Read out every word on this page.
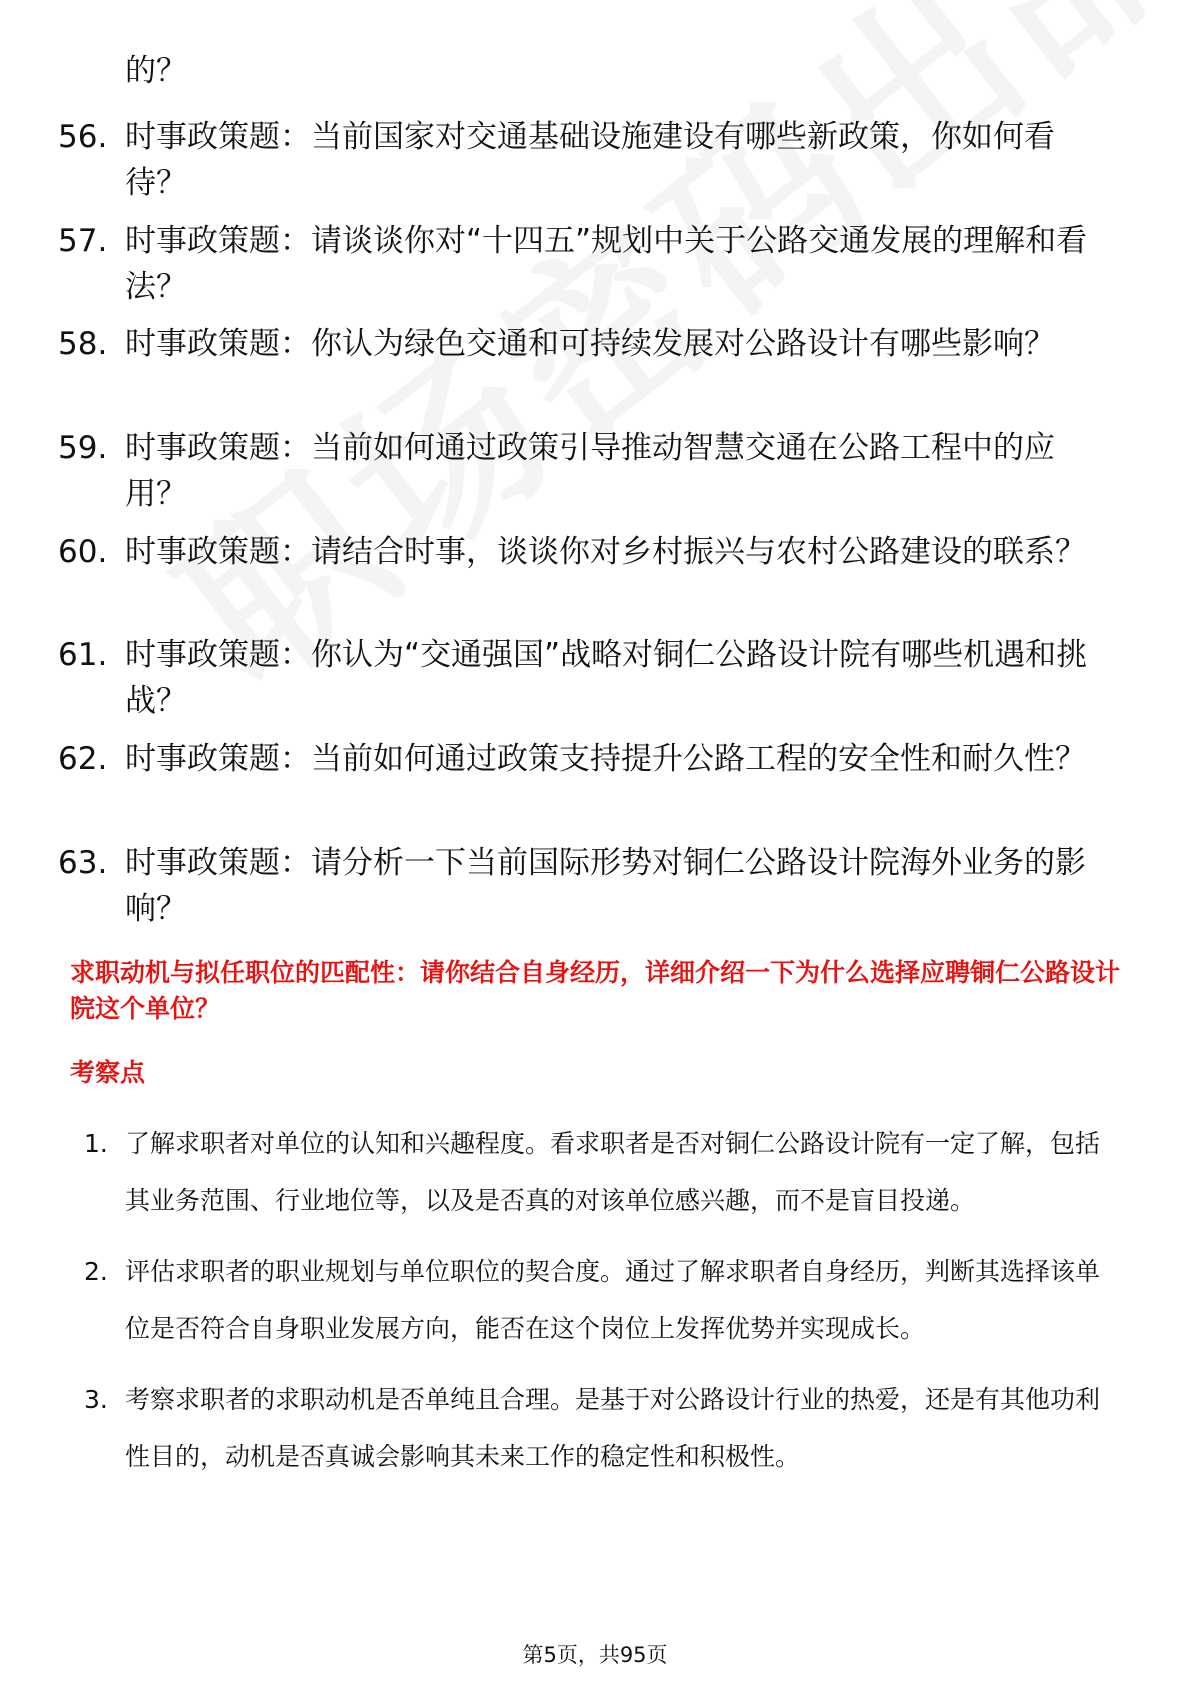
的？
56. 时事政策题：当前国家对交通基础设施建设有哪些新政策，你如何看待？
57. 时事政策题：请谈谈你对“十四五”规划中关于公路交通发展的理解和看法？
58. 时事政策题：你认为绿色交通和可持续发展对公路设计有哪些影响？
59. 时事政策题：当前如何通过政策引导推动智慧交通在公路工程中的应用？
60. 时事政策题：请结合时事，谈谈你对乡村振兴与农村公路建设的联系？
61. 时事政策题：你认为“交通强国”战略对铜仁公路设计院有哪些机遇和挑战？
62. 时事政策题：当前如何通过政策支持提升公路工程的安全性和耐久性？
63. 时事政策题：请分析一下当前国际形势对铜仁公路设计院海外业务的影响？
求职动机与拟任职位的匹配性：请你结合自身经历，详细介绍一下为什么选择应聘铜仁公路设计院这个单位？
考察点
1. 了解求职者对单位的认知和兴趣程度。看求职者是否对铜仁公路设计院有一定了解，包括其业务范围、行业地位等，以及是否真的对该单位感兴趣，而不是盲目投递。
2. 评估求职者的职业规划与单位职位的契合度。通过了解求职者自身经历，判断其选择该单位是否符合自身职业发展方向，能否在这个岗位上发挥优势并实现成长。
3. 考察求职者的求职动机是否单纯且合理。是基于对公路设计行业的热爱，还是有其他功利性目的，动机是否真诚会影响其未来工作的稳定性和积极性。
第5页，共95页
